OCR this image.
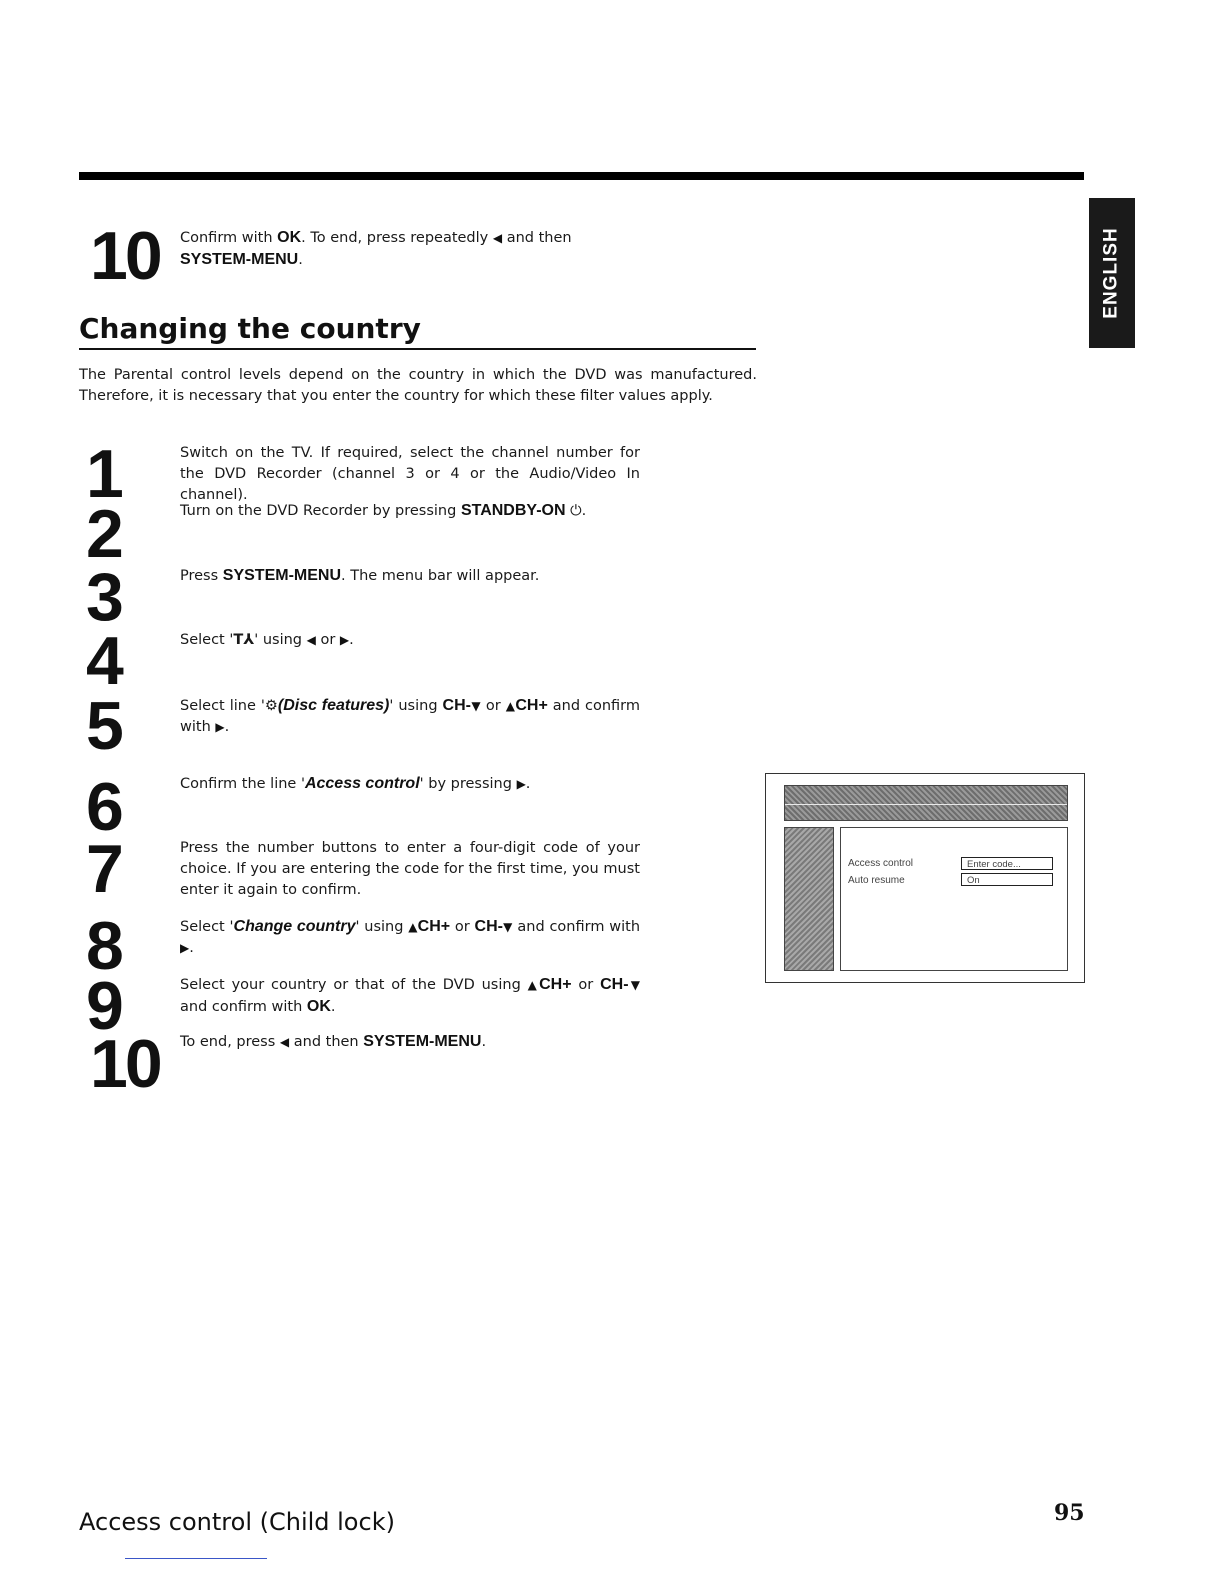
ENGLISH
10 Confirm with OK. To end, press repeatedly ◀ and then
SYSTEM-MENU.
Changing the country
The Parental control levels depend on the country in which the DVD was manufactured. Therefore, it is necessary that you enter the country for which these filter values apply.
1	Switch on the TV. If required, select the channel number for the DVD Recorder (channel 3 or 4 or the Audio/Video In channel).
2	Turn on the DVD Recorder by pressing STANDBY-ON ⏻.
3	Press SYSTEM-MENU. The menu bar will appear.
4	Select 'T⅄' using ◀ or ▶.
5	Select line '⚙(Disc features)' using CH-▼ or ▲CH+ and confirm with ▶.
6	Confirm the line 'Access control' by pressing ▶.
7	Press the number buttons to enter a four-digit code of your choice. If you are entering the code for the first time, you must enter it again to confirm.
8	Select 'Change country' using ▲CH+ or CH-▼ and confirm with ▶.
9	Select your country or that of the DVD using ▲CH+ or CH-▼ and confirm with OK.
10 To end, press ◀ and then SYSTEM-MENU.
Access control	Enter code...
Auto resume	On
Access control (Child lock)	95
